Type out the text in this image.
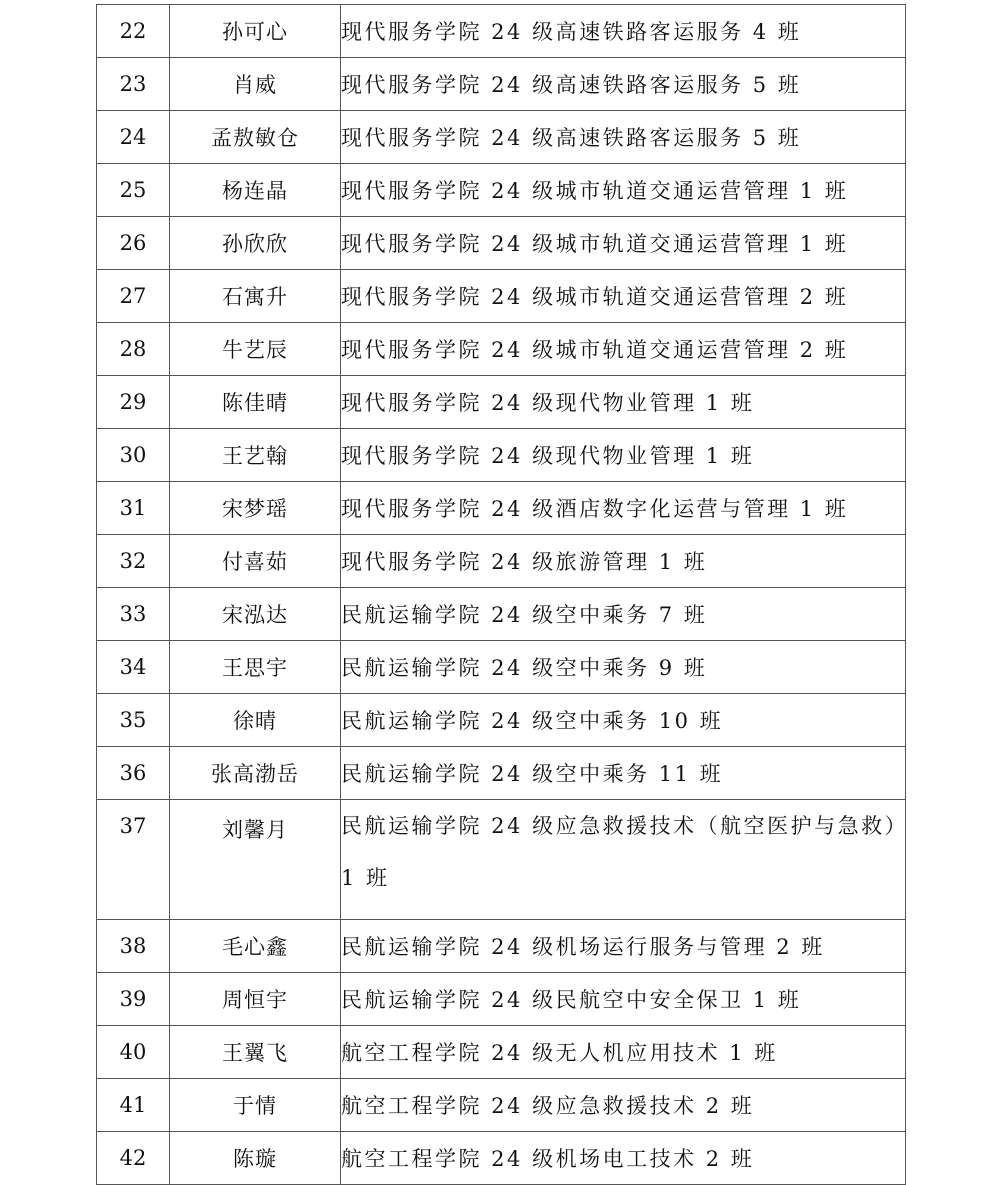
22	孙可心	现代服务学院 24 级高速铁路客运服务 4 班
23	肖威	现代服务学院 24 级高速铁路客运服务 5 班
24	孟敖敏仓	现代服务学院 24 级高速铁路客运服务 5 班
25	杨连晶	现代服务学院 24 级城市轨道交通运营管理 1 班
26	孙欣欣	现代服务学院 24 级城市轨道交通运营管理 1 班
27	石寓升	现代服务学院 24 级城市轨道交通运营管理 2 班
28	牛艺辰	现代服务学院 24 级城市轨道交通运营管理 2 班
29	陈佳晴	现代服务学院 24 级现代物业管理 1 班
30	王艺翰	现代服务学院 24 级现代物业管理 1 班
31	宋梦瑶	现代服务学院 24 级酒店数字化运营与管理 1 班
32	付喜茹	现代服务学院 24 级旅游管理 1 班
33	宋泓达	民航运输学院 24 级空中乘务 7 班
34	王思宇	民航运输学院 24 级空中乘务 9 班
35	徐晴	民航运输学院 24 级空中乘务 10 班
36	张高渤岳	民航运输学院 24 级空中乘务 11 班
37	刘馨月	民航运输学院 24 级应急救援技术（航空医护与急救）1 班
38	毛心鑫	民航运输学院 24 级机场运行服务与管理 2 班
39	周恒宇	民航运输学院 24 级民航空中安全保卫 1 班
40	王翼飞	航空工程学院 24 级无人机应用技术 1 班
41	于情	航空工程学院 24 级应急救援技术 2 班
42	陈璇	航空工程学院 24 级机场电工技术 2 班
